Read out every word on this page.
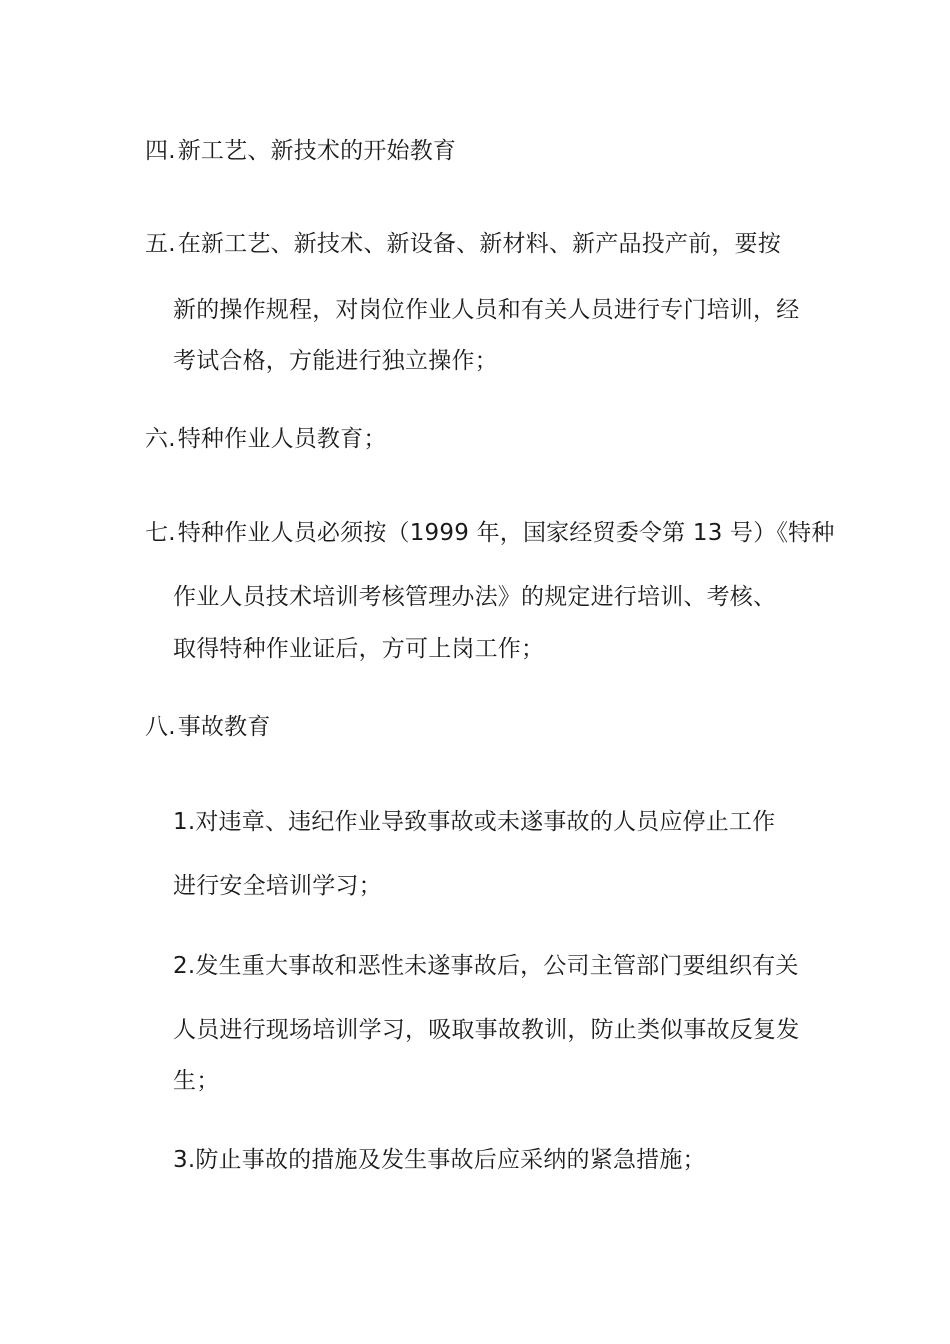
四.新工艺、新技术的开始教育
五.在新工艺、新技术、新设备、新材料、新产品投产前，要按
新的操作规程，对岗位作业人员和有关人员进行专门培训，经
考试合格，方能进行独立操作；
六.特种作业人员教育；
七.特种作业人员必须按（1999 年，国家经贸委令第 13 号）《特种
作业人员技术培训考核管理办法》的规定进行培训、考核、
取得特种作业证后，方可上岗工作；
八.事故教育
1.对违章、违纪作业导致事故或未遂事故的人员应停止工作
进行安全培训学习；
2.发生重大事故和恶性未遂事故后，公司主管部门要组织有关
人员进行现场培训学习，吸取事故教训，防止类似事故反复发
生；
3.防止事故的措施及发生事故后应采纳的紧急措施；
